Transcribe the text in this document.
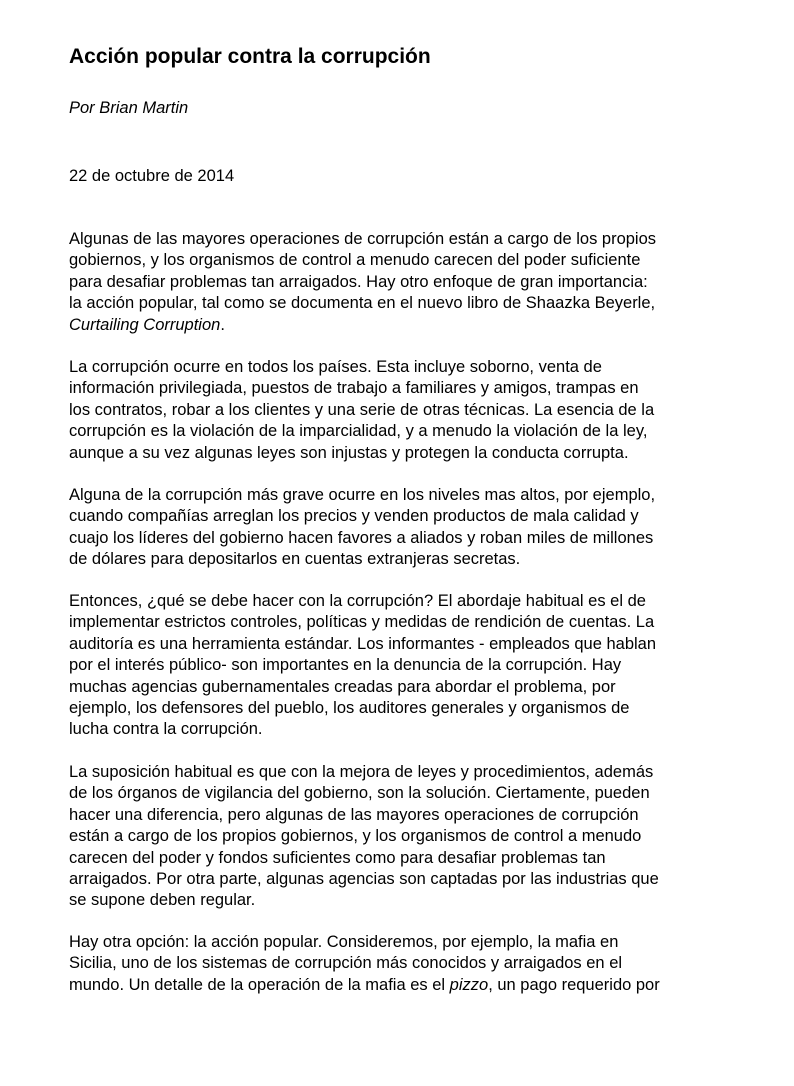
Acción popular contra la corrupción
Por Brian Martin
22 de octubre de 2014
Algunas de las mayores operaciones de corrupción están a cargo de los propios
gobiernos, y los organismos de control a menudo carecen del poder suficiente
para desafiar problemas tan arraigados. Hay otro enfoque de gran importancia:
la acción popular, tal como se documenta en el nuevo libro de Shaazka Beyerle,
Curtailing Corruption.
La corrupción ocurre en todos los países. Esta incluye soborno, venta de
información privilegiada, puestos de trabajo a familiares y amigos, trampas en
los contratos, robar a los clientes y una serie de otras técnicas. La esencia de la
corrupción es la violación de la imparcialidad, y a menudo la violación de la ley,
aunque a su vez algunas leyes son injustas y protegen la conducta corrupta.
Alguna de la corrupción más grave ocurre en los niveles mas altos, por ejemplo,
cuando compañías arreglan los precios y venden productos de mala calidad y
cuajo los líderes del gobierno hacen favores a aliados y roban miles de millones
de dólares para depositarlos en cuentas extranjeras secretas.
Entonces, ¿qué se debe hacer con la corrupción? El abordaje habitual es el de
implementar estrictos controles, políticas y medidas de rendición de cuentas. La
auditoría es una herramienta estándar. Los informantes - empleados que hablan
por el interés público- son importantes en la denuncia de la corrupción. Hay
muchas agencias gubernamentales creadas para abordar el problema, por
ejemplo, los defensores del pueblo, los auditores generales y organismos de
lucha contra la corrupción.
La suposición habitual es que con la mejora de leyes y procedimientos, además
de los órganos de vigilancia del gobierno, son la solución. Ciertamente, pueden
hacer una diferencia, pero algunas de las mayores operaciones de corrupción
están a cargo de los propios gobiernos, y los organismos de control a menudo
carecen del poder y fondos suficientes como para desafiar problemas tan
arraigados. Por otra parte, algunas agencias son captadas por las industrias que
se supone deben regular.
Hay otra opción: la acción popular. Consideremos, por ejemplo, la mafia en
Sicilia, uno de los sistemas de corrupción más conocidos y arraigados en el
mundo. Un detalle de la operación de la mafia es el pizzo, un pago requerido por
